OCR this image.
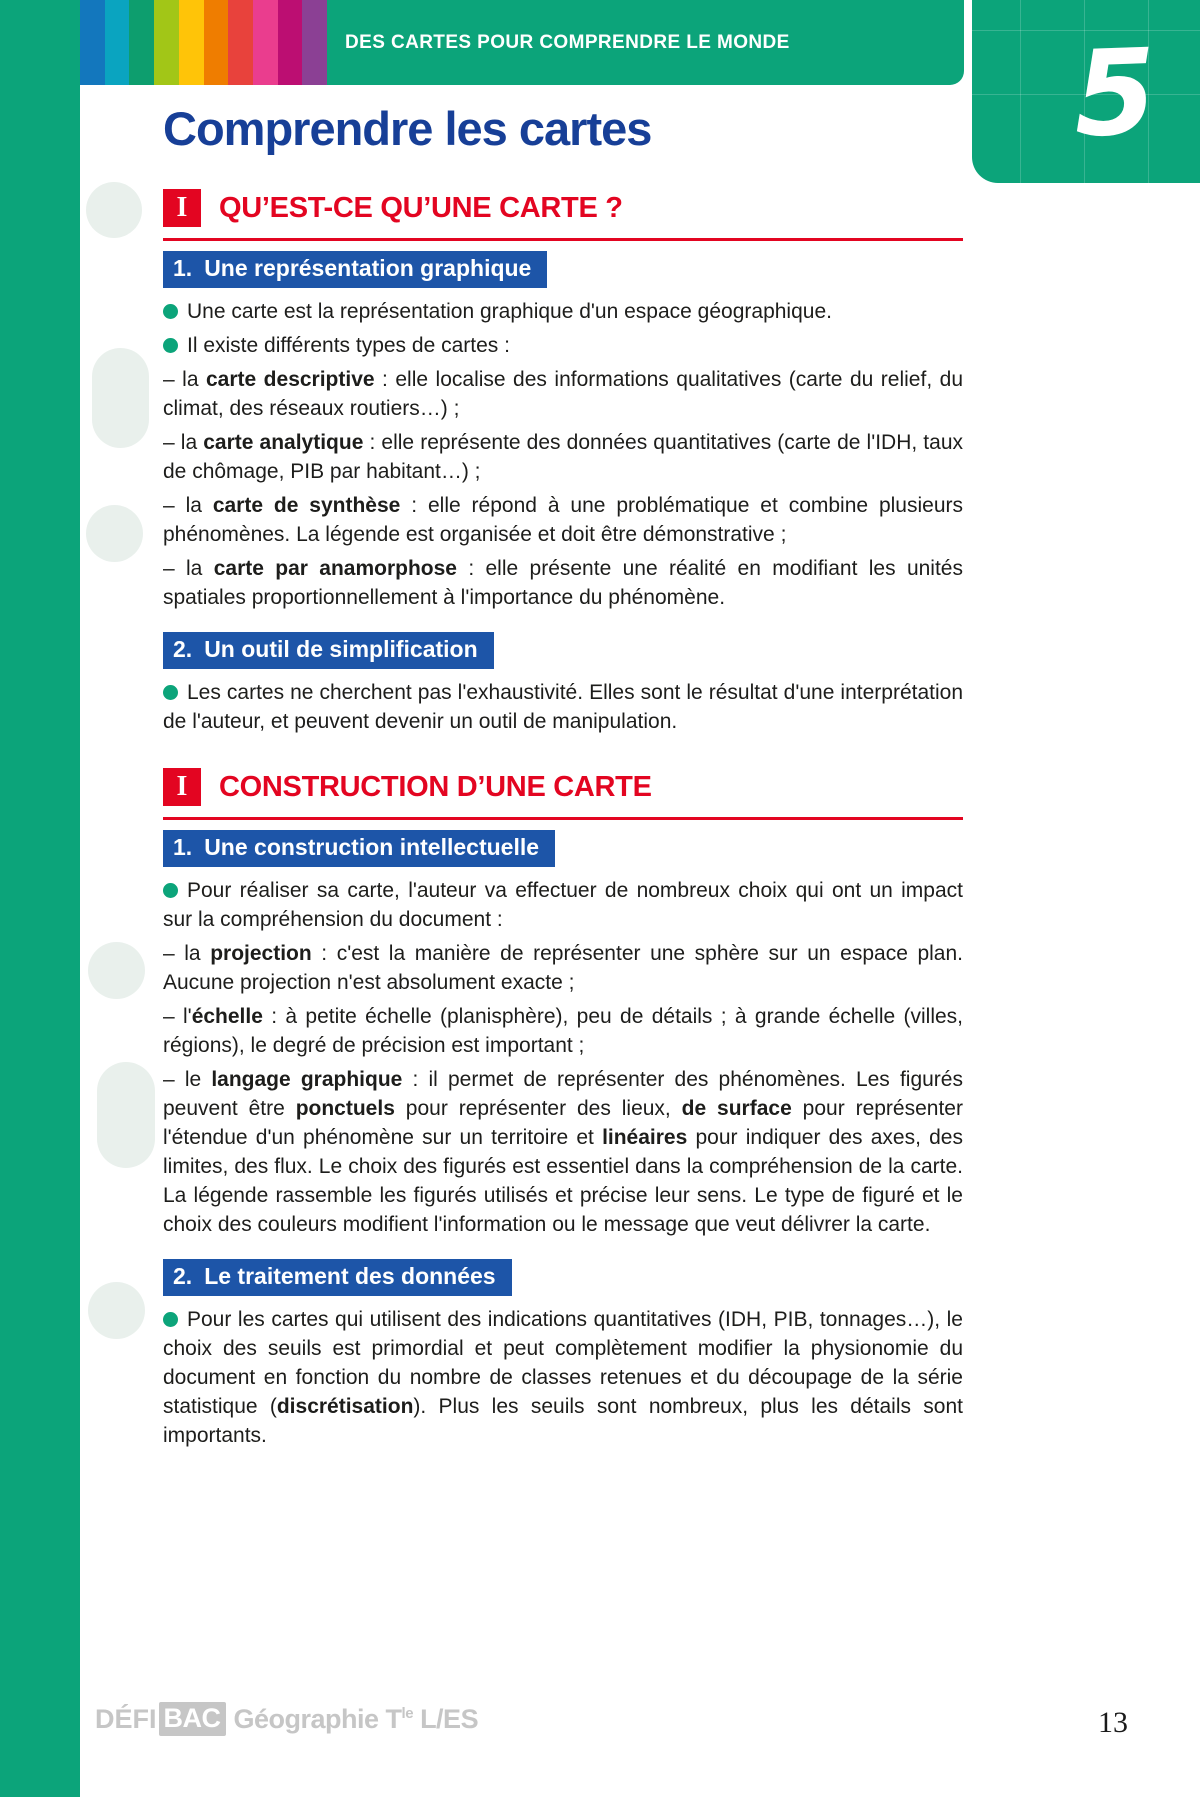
DES CARTES POUR COMPRENDRE LE MONDE 5
Comprendre les cartes
I QU’EST-CE QU’UNE CARTE ?
1. Une représentation graphique

Une carte est la représentation graphique d'un espace géographique.

Il existe différents types de cartes :

– la carte descriptive : elle localise des informations qualitatives (carte du relief, du climat, des réseaux routiers…) ;

– la carte analytique : elle représente des données quantitatives (carte de l'IDH, taux de chômage, PIB par habitant…) ;

– la carte de synthèse : elle répond à une problématique et combine plusieurs phénomènes. La légende est organisée et doit être démonstrative ;

– la carte par anamorphose : elle présente une réalité en modifiant les unités spatiales proportionnellement à l'importance du phénomène.

2. Un outil de simplification

Les cartes ne cherchent pas l'exhaustivité. Elles sont le résultat d'une interprétation de l'auteur, et peuvent devenir un outil de manipulation.

I CONSTRUCTION D’UNE CARTE
1. Une construction intellectuelle

Pour réaliser sa carte, l'auteur va effectuer de nombreux choix qui ont un impact sur la compréhension du document :

– la projection : c'est la manière de représenter une sphère sur un espace plan. Aucune projection n'est absolument exacte ;

– l'échelle : à petite échelle (planisphère), peu de détails ; à grande échelle (villes, régions), le degré de précision est important ;

– le langage graphique : il permet de représenter des phénomènes. Les figurés peuvent être ponctuels pour représenter des lieux, de surface pour représenter l'étendue d'un phénomène sur un territoire et linéaires pour indiquer des axes, des limites, des flux. Le choix des figurés est essentiel dans la compréhension de la carte. La légende rassemble les figurés utilisés et précise leur sens. Le type de figuré et le choix des couleurs modifient l'information ou le message que veut délivrer la carte.

2. Le traitement des données

Pour les cartes qui utilisent des indications quantitatives (IDH, PIB, tonnages…), le choix des seuils est primordial et peut complètement modifier la physionomie du document en fonction du nombre de classes retenues et du découpage de la série statistique (discrétisation). Plus les seuils sont nombreux, plus les détails sont importants.

DÉFI BAC Géographie $T^{le}$ L/ES	13
